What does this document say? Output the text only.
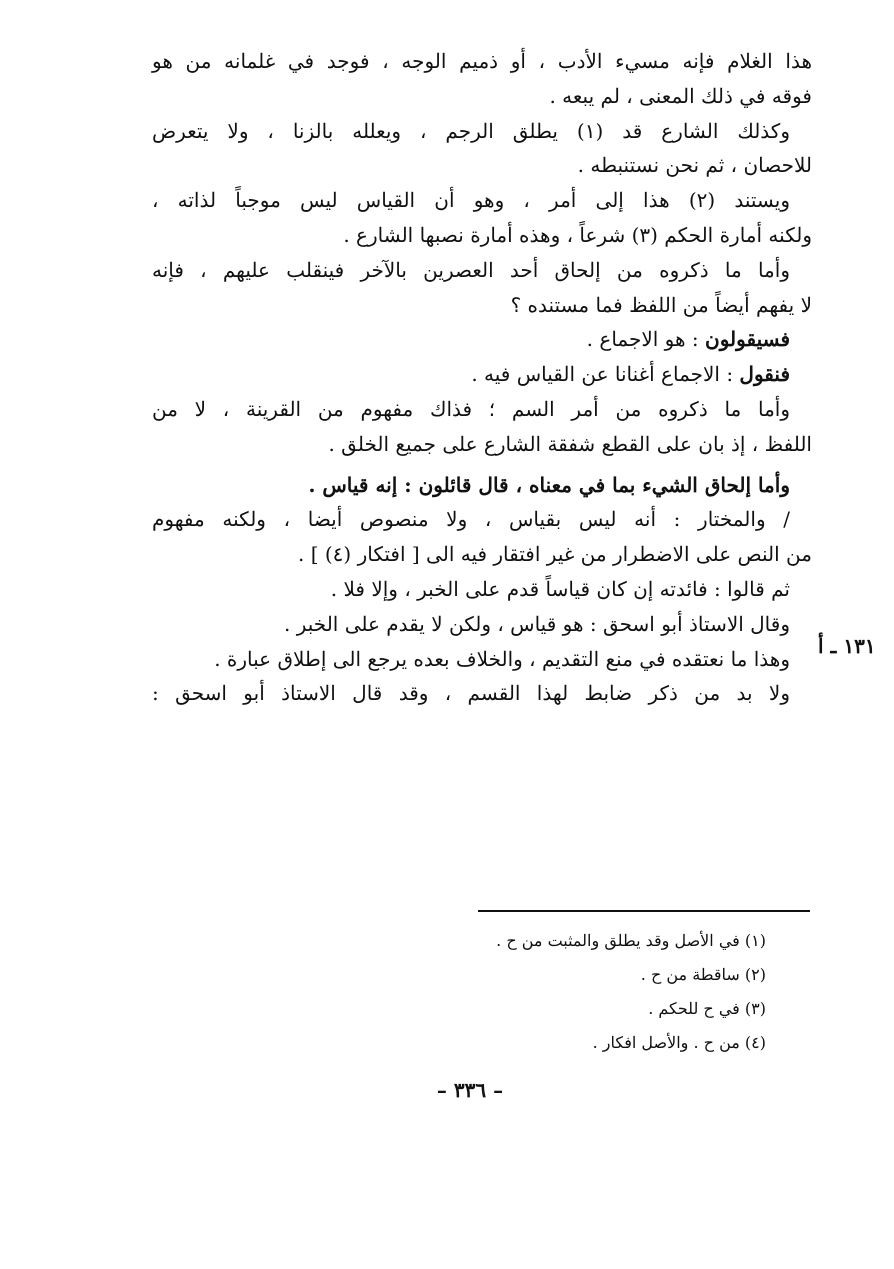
هذا الغلام فإنه مسيء الأدب ، أو ذميم الوجه ، فوجد في غلمانه من هو
فوقه في ذلك المعنى ، لم يبعه .
وكذلك الشارع قد (١) يطلق الرجم ، ويعلله بالزنا ، ولا يتعرض
للاحصان ، ثم نحن نستنبطه .
ويستند (٢) هذا إلى أمر ، وهو أن القياس ليس موجباً لذاته ،
ولكنه أمارة الحكم (٣) شرعاً ، وهذه أمارة نصبها الشارع .
وأما ما ذكروه من إلحاق أحد العصرين بالآخر فينقلب عليهم ، فإنه
لا يفهم أيضاً من اللفظ فما مستنده ؟
فسيقولون : هو الاجماع .
فنقول : الاجماع أغنانا عن القياس فيه .
وأما ما ذكروه من أمر السم ؛ فذاك مفهوم من القرينة ، لا من
اللفظ ، إذ بان على القطع شفقة الشارع على جميع الخلق .
وأما إلحاق الشيء بما في معناه ، قال قائلون : إنه قياس .
/ والمختار : أنه ليس بقياس ، ولا منصوص أيضا ، ولكنه مفهوم
من النص على الاضطرار من غير افتقار فيه الى [ افتكار (٤) ] .
ثم قالوا : فائدته إن كان قياساً قدم على الخبر ، وإلا فلا .
وقال الاستاذ أبو اسحق : هو قياس ، ولكن لا يقدم على الخبر .
وهذا ما نعتقده في منع التقديم ، والخلاف بعده يرجع الى إطلاق عبارة .
ولا بد من ذكر ضابط لهذا القسم ، وقد قال الاستاذ أبو اسحق :
١٣١ ـ أ
(١) في الأصل وقد يطلق والمثبت من ح .
(٢) ساقطة من ح .
(٣) في ح للحكم .
(٤) من ح . والأصل افكار .
– ٣٣٦ –
